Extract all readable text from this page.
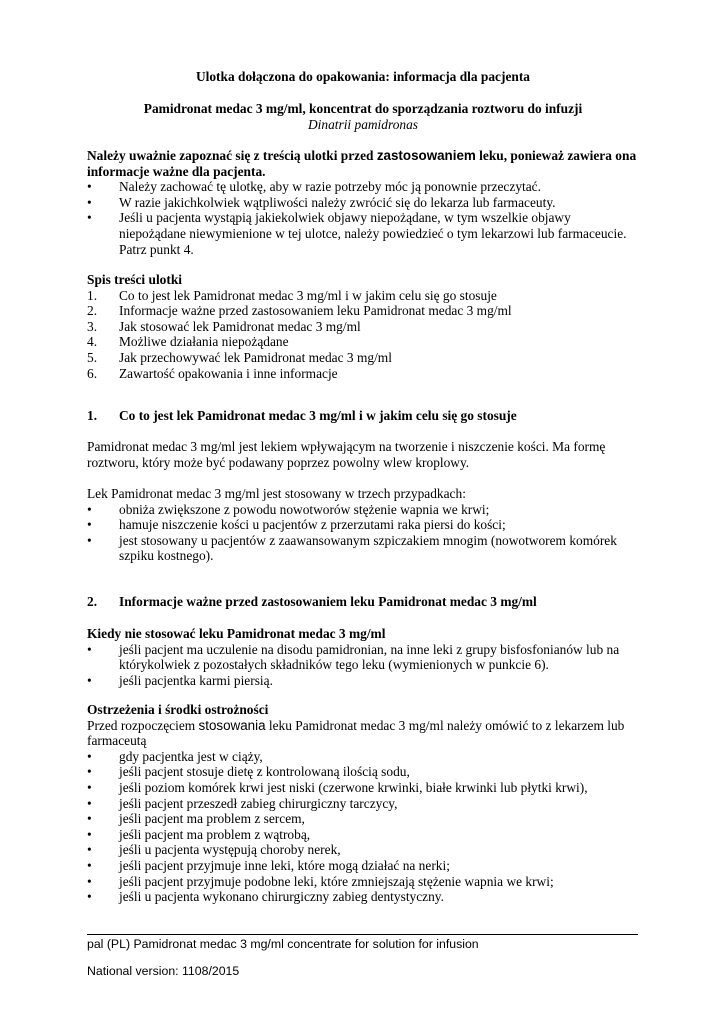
Ulotka dołączona do opakowania: informacja dla pacjenta
Pamidronat medac 3 mg/ml, koncentrat do sporządzania roztworu do infuzji
Dinatrii pamidronas

Należy uważnie zapoznać się z treścią ulotki przed zastosowaniem leku, ponieważ zawiera ona informacje ważne dla pacjenta.

• Należy zachować tę ulotkę, aby w razie potrzeby móc ją ponownie przeczytać.
• W razie jakichkolwiek wątpliwości należy zwrócić się do lekarza lub farmaceuty.
• Jeśli u pacjenta wystąpią jakiekolwiek objawy niepożądane, w tym wszelkie objawy niepożądane niewymienione w tej ulotce, należy powiedzieć o tym lekarzowi lub farmaceucie. Patrz punkt 4.

Spis treści ulotki

1. Co to jest lek Pamidronat medac 3 mg/ml i w jakim celu się go stosuje
2. Informacje ważne przed zastosowaniem leku Pamidronat medac 3 mg/ml
3. Jak stosować lek Pamidronat medac 3 mg/ml
4. Możliwe działania niepożądane
5. Jak przechowywać lek Pamidronat medac 3 mg/ml
6. Zawartość opakowania i inne informacje
1. Co to jest lek Pamidronat medac 3 mg/ml i w jakim celu się go stosuje
Pamidronat medac 3 mg/ml jest lekiem wpływającym na tworzenie i niszczenie kości. Ma formę roztworu, który może być podawany poprzez powolny wlew kroplowy.

Lek Pamidronat medac 3 mg/ml jest stosowany w trzech przypadkach:

• obniża zwiększone z powodu nowotworów stężenie wapnia we krwi;
• hamuje niszczenie kości u pacjentów z przerzutami raka piersi do kości;
• jest stosowany u pacjentów z zaawansowanym szpiczakiem mnogim (nowotworem komórek szpiku kostnego).
2. Informacje ważne przed zastosowaniem leku Pamidronat medac 3 mg/ml

Kiedy nie stosować leku Pamidronat medac 3 mg/ml

• jeśli pacjent ma uczulenie na disodu pamidronian, na inne leki z grupy bisfosfonianów lub na którykolwiek z pozostałych składników tego leku (wymienionych w punkcie 6).
• jeśli pacjentka karmi piersią.

Ostrzeżenia i środki ostrożności

Przed rozpoczęciem stosowania leku Pamidronat medac 3 mg/ml należy omówić to z lekarzem lub farmaceutą

• gdy pacjentka jest w ciąży,
• jeśli pacjent stosuje dietę z kontrolowaną ilością sodu,
• jeśli poziom komórek krwi jest niski (czerwone krwinki, białe krwinki lub płytki krwi),
• jeśli pacjent przeszedł zabieg chirurgiczny tarczycy,
• jeśli pacjent ma problem z sercem,
• jeśli pacjent ma problem z wątrobą,
• jeśli u pacjenta występują choroby nerek,
• jeśli pacjent przyjmuje inne leki, które mogą działać na nerki;
• jeśli pacjent przyjmuje podobne leki, które zmniejszają stężenie wapnia we krwi;
• jeśli u pacjenta wykonano chirurgiczny zabieg dentystyczny.
pal (PL) Pamidronat medac 3 mg/ml concentrate for solution for infusion
National version: 1108/2015
